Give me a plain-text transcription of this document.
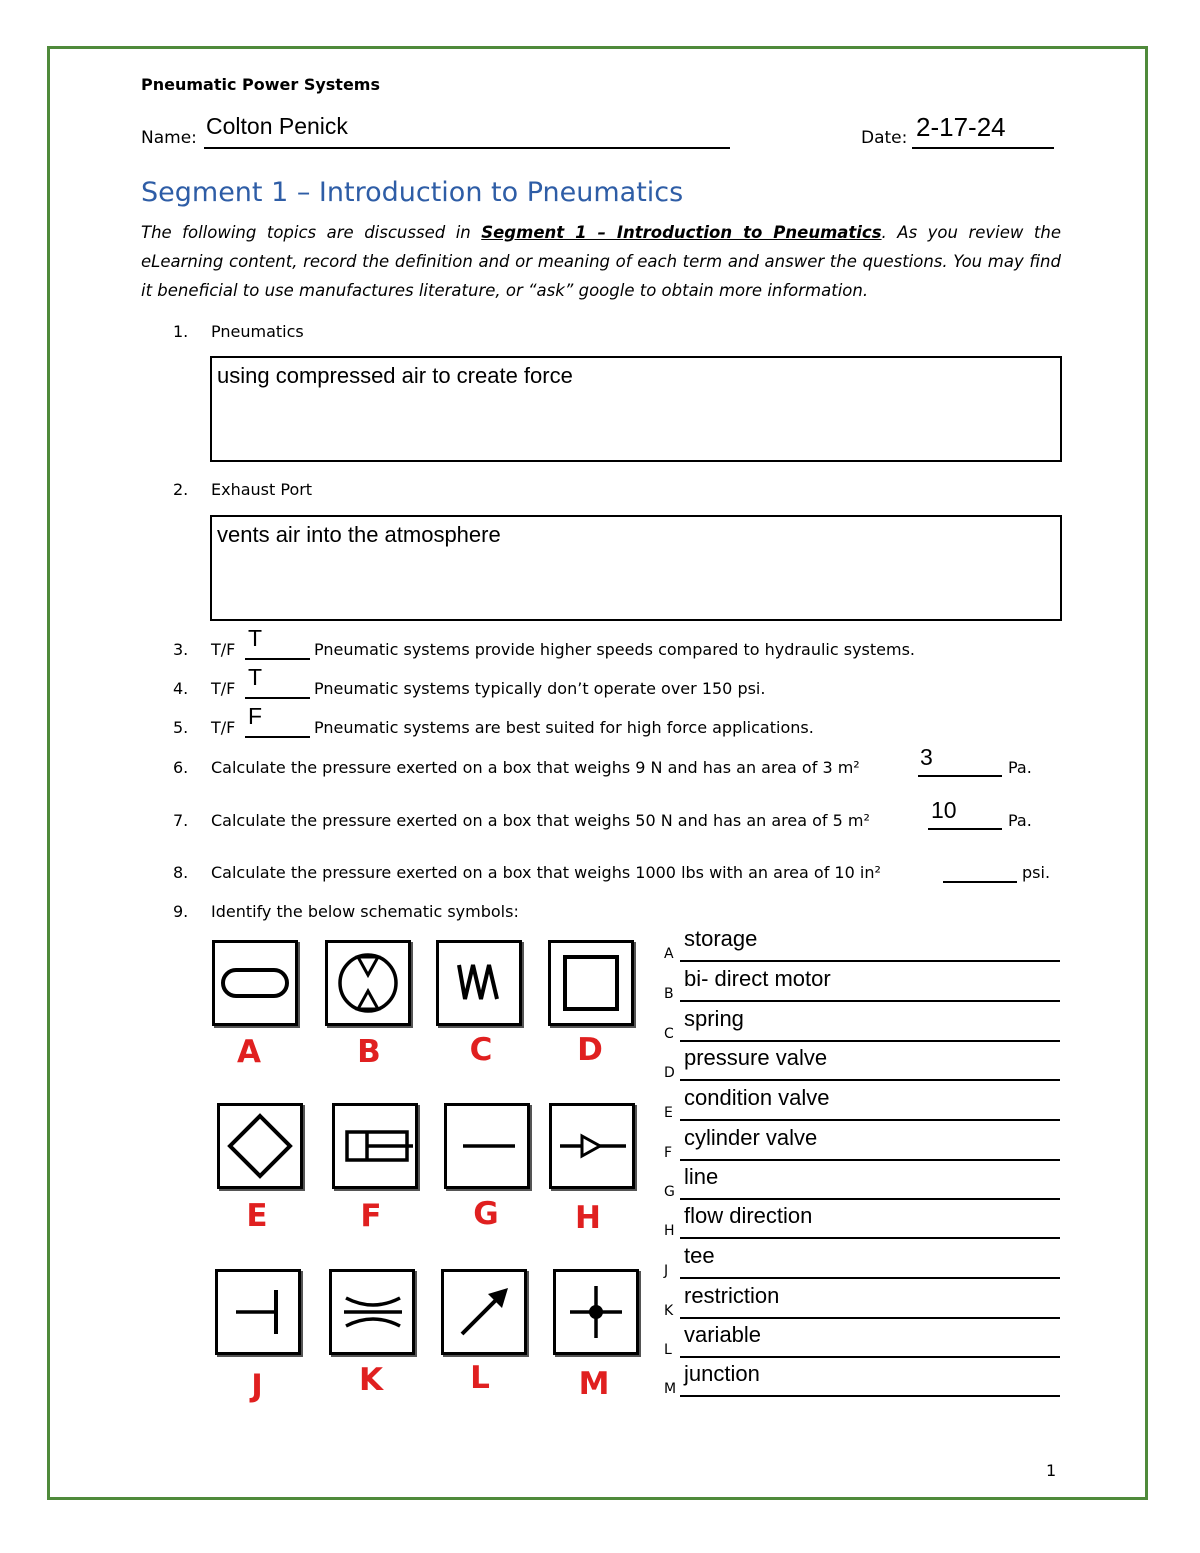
Pneumatic Power Systems
Name: Colton Penick	Date: 2-17-24
Segment 1 – Introduction to Pneumatics
The following topics are discussed in Segment 1 – Introduction to Pneumatics. As you review the eLearning content, record the definition and or meaning of each term and answer the questions. You may find it beneficial to use manufactures literature, or “ask” google to obtain more information.
1. Pneumatics
using compressed air to create force
2. Exhaust Port
vents air into the atmosphere
3. T/F T	Pneumatic systems provide higher speeds compared to hydraulic systems.
4. T/F T	Pneumatic systems typically don’t operate over 150 psi.
5. T/F F	Pneumatic systems are best suited for high force applications.
6. Calculate the pressure exerted on a box that weighs 9 N and has an area of 3 m²	3	Pa.
7. Calculate the pressure exerted on a box that weighs 50 N and has an area of 5 m²	10	Pa.
8. Calculate the pressure exerted on a box that weighs 1000 lbs with an area of 10 in²	psi.
9. Identify the below schematic symbols:
A	B	C	D
E	F	G H
J	K	L	M
A
storage
B
bi- direct motor
C
spring
D
pressure valve
E
condition valve
F
cylinder valve
G
line
H
flow direction
J
tee
K
restriction
L
variable
M
junction
1
